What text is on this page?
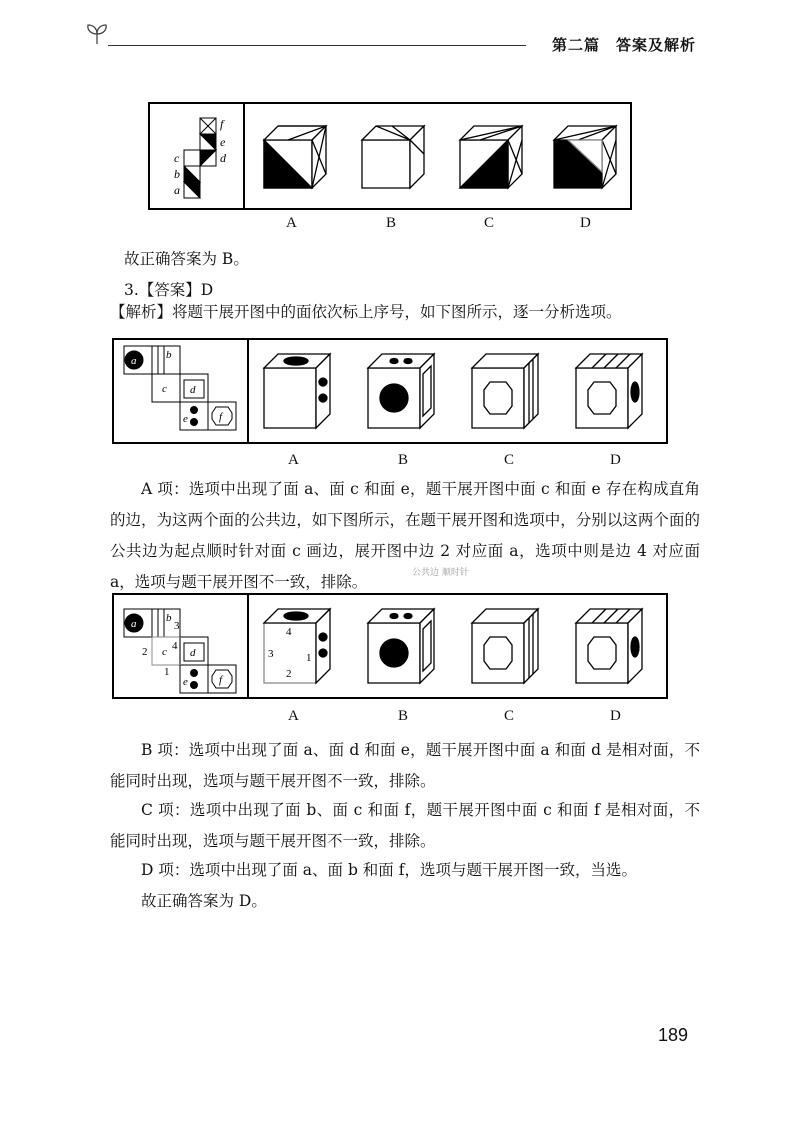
第二篇　答案及解析
f
e
d
c
b
a
A	B	C	D

故正确答案为 B。

3.【答案】D

【解析】将题干展开图中的面依次标上序号，如下图所示，逐一分析选项。

a	b
c d
e	f
A	B	C	D

A 项：选项中出现了面 a、面 c 和面 e，题干展开图中面 c 和面 e 存在构成直角的边，为这两个面的公共边，如下图所示，在题干展开图和选项中，分别以这两个面的公共边为起点顺时针对面 c 画边，展开图中边 2 对应面 a，选项中则是边 4 对应面 a，选项与题干展开图不一致，排除。	公共边 顺时针
a	b
c d
e	f
3
4
2
1
4
3	1
2
A	B	C	D

B 项：选项中出现了面 a、面 d 和面 e，题干展开图中面 a 和面 d 是相对面，不能同时出现，选项与题干展开图不一致，排除。

C 项：选项中出现了面 b、面 c 和面 f，题干展开图中面 c 和面 f 是相对面，不能同时出现，选项与题干展开图不一致，排除。

D 项：选项中出现了面 a、面 b 和面 f，选项与题干展开图一致，当选。

故正确答案为 D。

189
